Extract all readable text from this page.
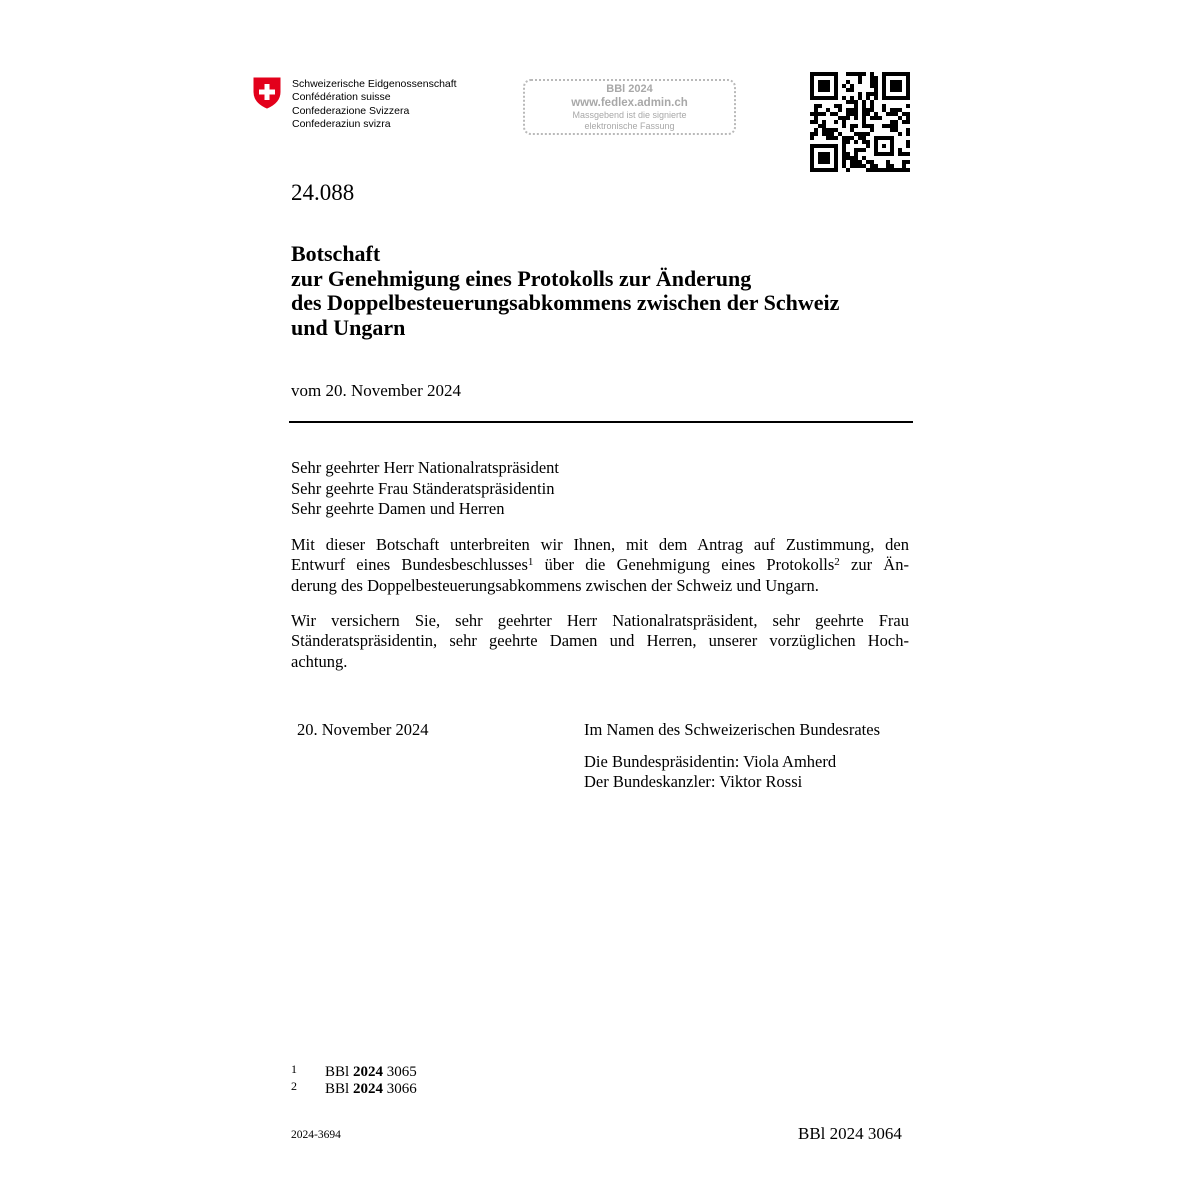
Schweizerische Eidgenossenschaft
Confédération suisse
Confederazione Svizzera
Confederaziun svizra
BBl 2024
www.fedlex.admin.ch
Massgebend ist die signierte
elektronische Fassung
24.088
Botschaft
zur Genehmigung eines Protokolls zur Änderung
des Doppelbesteuerungsabkommens zwischen der Schweiz
und Ungarn
vom 20. November 2024
Sehr geehrter Herr Nationalratspräsident
Sehr geehrte Frau Ständeratspräsidentin
Sehr geehrte Damen und Herren
Mit dieser Botschaft unterbreiten wir Ihnen, mit dem Antrag auf Zustimmung, den
Entwurf eines Bundesbeschlusses$^1$ über die Genehmigung eines Protokolls$^2$ zur Än-
derung des Doppelbesteuerungsabkommens zwischen der Schweiz und Ungarn.
Wir versichern Sie, sehr geehrter Herr Nationalratspräsident, sehr geehrte Frau
Ständeratspräsidentin, sehr geehrte Damen und Herren, unserer vorzüglichen Hoch-
achtung.
20. November 2024	Im Namen des Schweizerischen Bundesrates
Die Bundespräsidentin: Viola Amherd
Der Bundeskanzler: Viktor Rossi
1 BBl 2024 3065
2 BBl 2024 3066
2024-3694	BBl 2024 3064
